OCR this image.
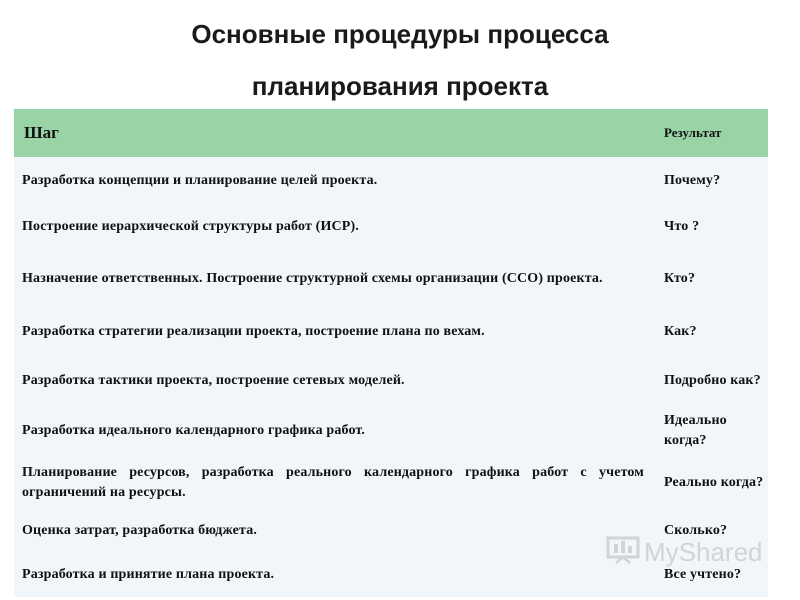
Основные процедуры процесса
планирования проекта
Шаг	Результат
Разработка концепции и планирование целей проекта.	Почему?
Построение иерархической структуры работ (ИСР).	Что ?
Назначение ответственных. Построение структурной схемы организации (ССО) проекта.	Кто?
Разработка стратегии реализации проекта, построение плана по вехам.	Как?
Разработка тактики проекта, построение сетевых моделей.	Подробно как?
Разработка идеального календарного графика работ.	Идеально когда?
Планирование ресурсов, разработка реального календарного графика работ с учетом ограничений на ресурсы.	Реально когда?
Оценка затрат, разработка бюджета.	Сколько?
Разработка и принятие плана проекта.	Все учтено?
MyShared
